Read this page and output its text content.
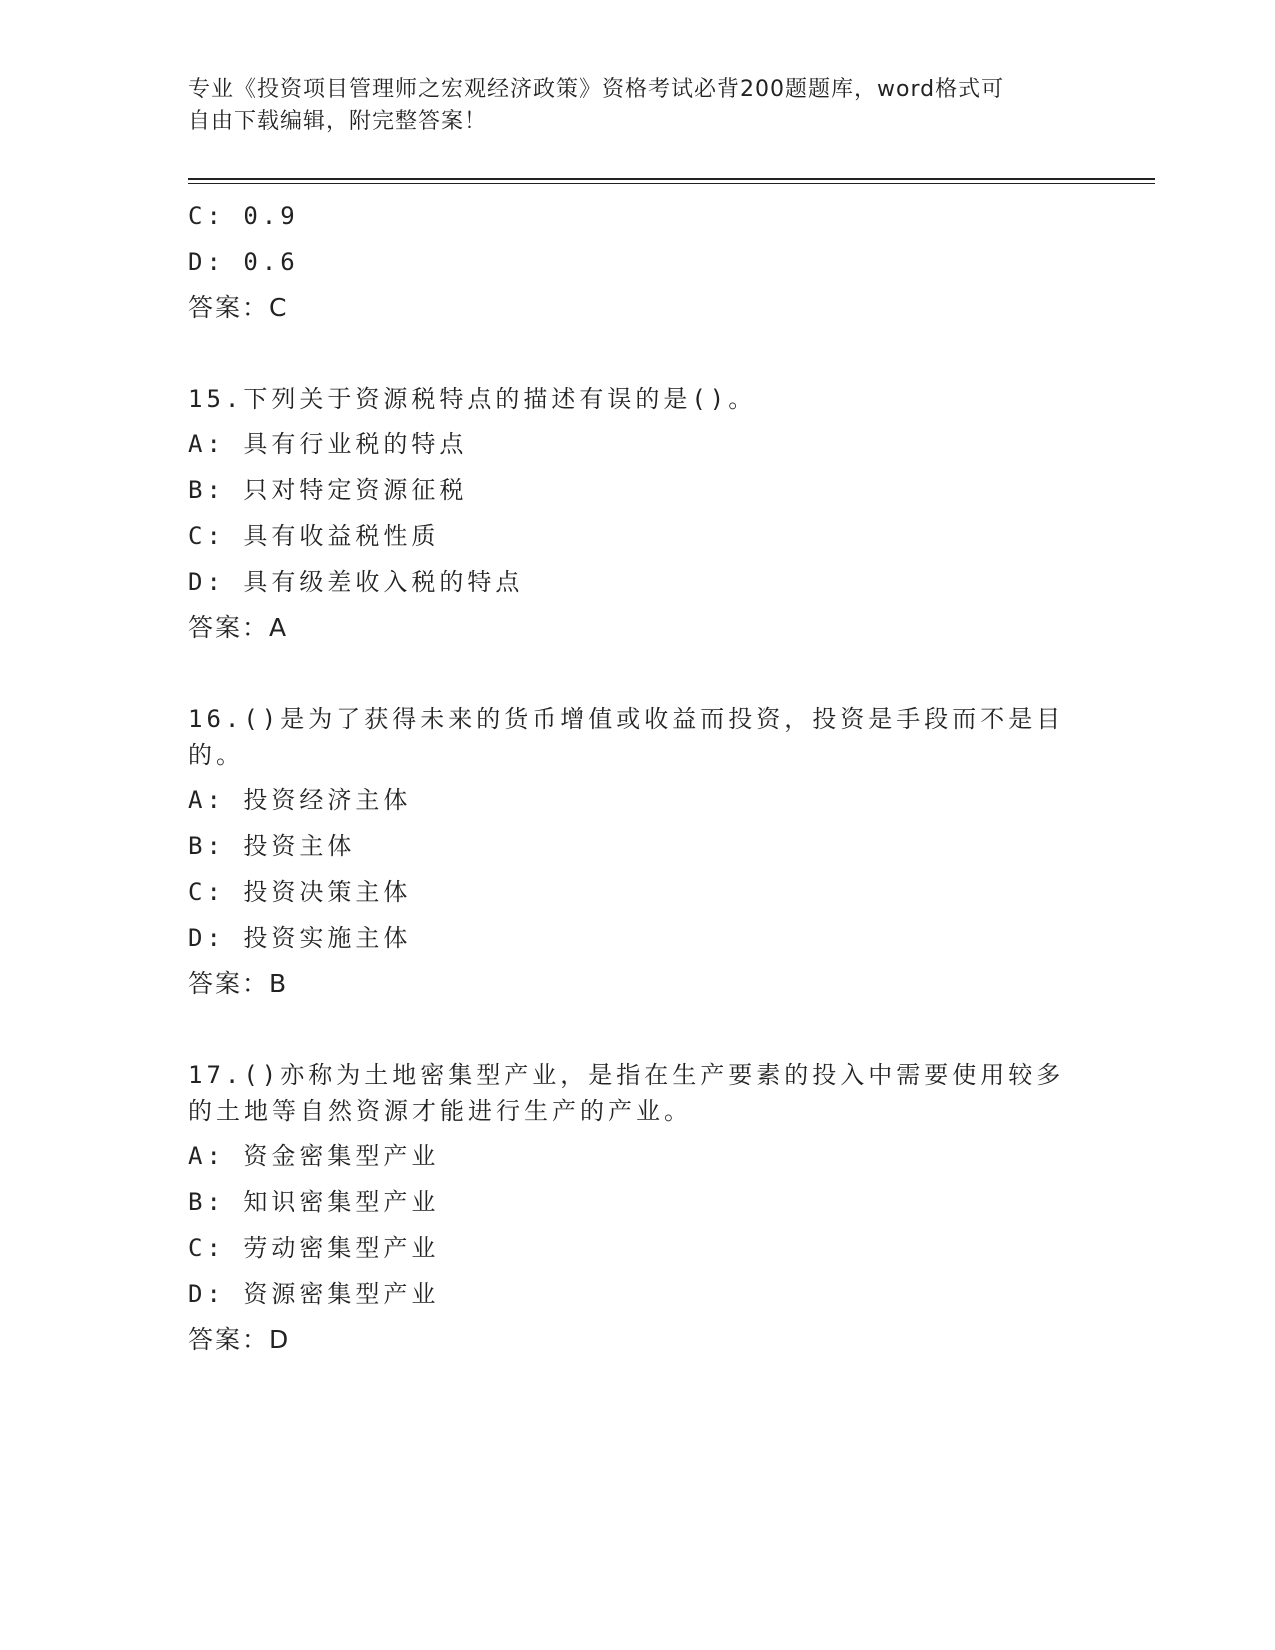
专业《投资项目管理师之宏观经济政策》资格考试必背200题题库，word格式可
自由下载编辑，附完整答案！
C: 0.9
D: 0.6
答案：C
15.下列关于资源税特点的描述有误的是()。
A: 具有行业税的特点
B: 只对特定资源征税
C: 具有收益税性质
D: 具有级差收入税的特点
答案：A
16.()是为了获得未来的货币增值或收益而投资，投资是手段而不是目的。
A: 投资经济主体
B: 投资主体
C: 投资决策主体
D: 投资实施主体
答案：B
17.()亦称为土地密集型产业，是指在生产要素的投入中需要使用较多的土地等自然资源才能进行生产的产业。
A: 资金密集型产业
B: 知识密集型产业
C: 劳动密集型产业
D: 资源密集型产业
答案：D
